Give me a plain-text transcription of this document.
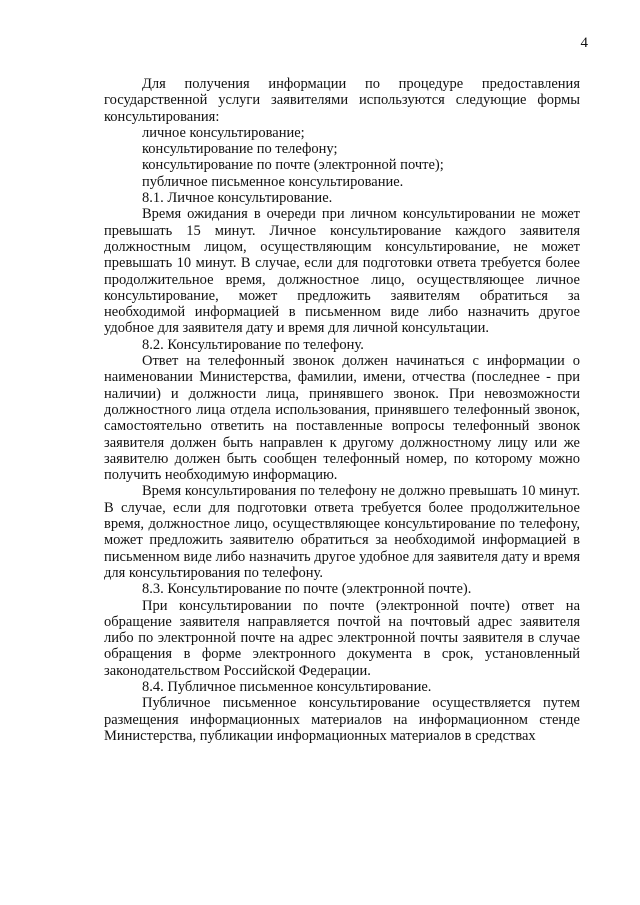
4

Для получения информации по процедуре предоставления государственной услуги заявителями используются следующие формы консультирования:

личное консультирование;

консультирование по телефону;

консультирование по почте (электронной почте);

публичное письменное консультирование.

8.1. Личное консультирование.

Время ожидания в очереди при личном консультировании не может превышать 15 минут. Личное консультирование каждого заявителя должностным лицом, осуществляющим консультирование, не может превышать 10 минут. В случае, если для подготовки ответа требуется более продолжительное время, должностное лицо, осуществляющее личное консультирование, может предложить заявителям обратиться за необходимой информацией в письменном виде либо назначить другое удобное для заявителя дату и время для личной консультации.

8.2. Консультирование по телефону.

Ответ на телефонный звонок должен начинаться с информации о наименовании Министерства, фамилии, имени, отчества (последнее - при наличии) и должности лица, принявшего звонок. При невозможности должностного лица отдела использования, принявшего телефонный звонок, самостоятельно ответить на поставленные вопросы телефонный звонок заявителя должен быть направлен к другому должностному лицу или же заявителю должен быть сообщен телефонный номер, по которому можно получить необходимую информацию.

Время консультирования по телефону не должно превышать 10 минут. В случае, если для подготовки ответа требуется более продолжительное время, должностное лицо, осуществляющее консультирование по телефону, может предложить заявителю обратиться за необходимой информацией в письменном виде либо назначить другое удобное для заявителя дату и время для консультирования по телефону.

8.3. Консультирование по почте (электронной почте).

При консультировании по почте (электронной почте) ответ на обращение заявителя направляется почтой на почтовый адрес заявителя либо по электронной почте на адрес электронной почты заявителя в случае обращения в форме электронного документа в срок, установленный законодательством Российской Федерации.

8.4. Публичное письменное консультирование.

Публичное письменное консультирование осуществляется путем размещения информационных материалов на информационном стенде Министерства, публикации информационных материалов в средствах
